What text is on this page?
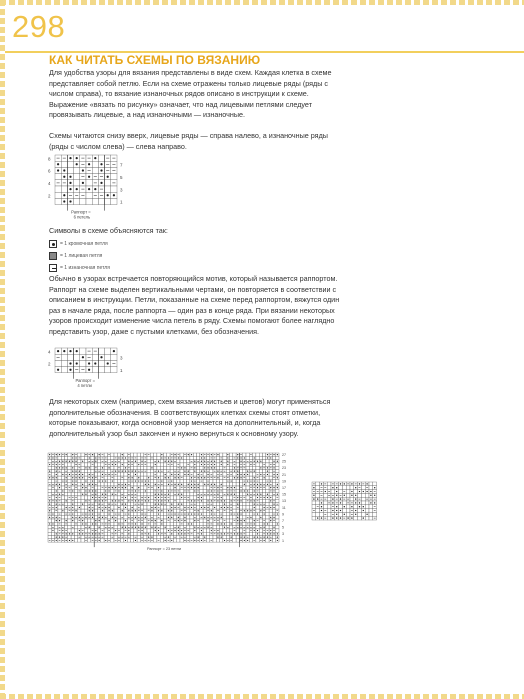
298
КАК ЧИТАТЬ СХЕМЫ ПО ВЯЗАНИЮ

Для удобства узоры для вязания представлены в виде схем. Каждая клетка в схеме представляет собой петлю. Если на схеме отражены только лицевые ряды (ряды с числом справа), то вязание изнаночных рядов описано в инструкции к схеме. Выражение «вязать по рисунку» означает, что над лицевыми петлями следует провязывать лицевые, а над изнаночными — изнаночные.

Схемы читаются снизу вверх, лицевые ряды — справа налево, а изнаночные ряды (ряды с числом слева) — слева направо.

8
6
4
2
7
5
3
1
Раппорт =
6 петель

Символы в схеме объясняются так:

= 1 кромочная петля
= 1 лицевая петля
= 1 изнаночная петля

Обычно в узорах встречается повторяющийся мотив, который называется раппортом. Раппорт на схеме выделен вертикальными чертами, он повторяется в соответствии с описанием в инструкции. Петли, показанные на схеме перед раппортом, вяжутся один раз в начале ряда, после раппорта — один раз в конце ряда. При вязании некоторых узоров происходит изменение числа петель в ряду. Схемы помогают более наглядно представить узор, даже с пустыми клетками, без обозначения.

4
2
3
1
Раппорт =
4 петли

Для некоторых схем (например, схем вязания листьев и цветов) могут применяться дополнительные обозначения. В соответствующих клетках схемы стоят отметки, которые показывают, когда основной узор меняется на дополнительный, и, когда дополнительный узор был закончен и нужно вернуться к основному узору.

27
25
23
21
19
17
15
13
11
9
7
5
3
1
Раппорт = 23 петли
